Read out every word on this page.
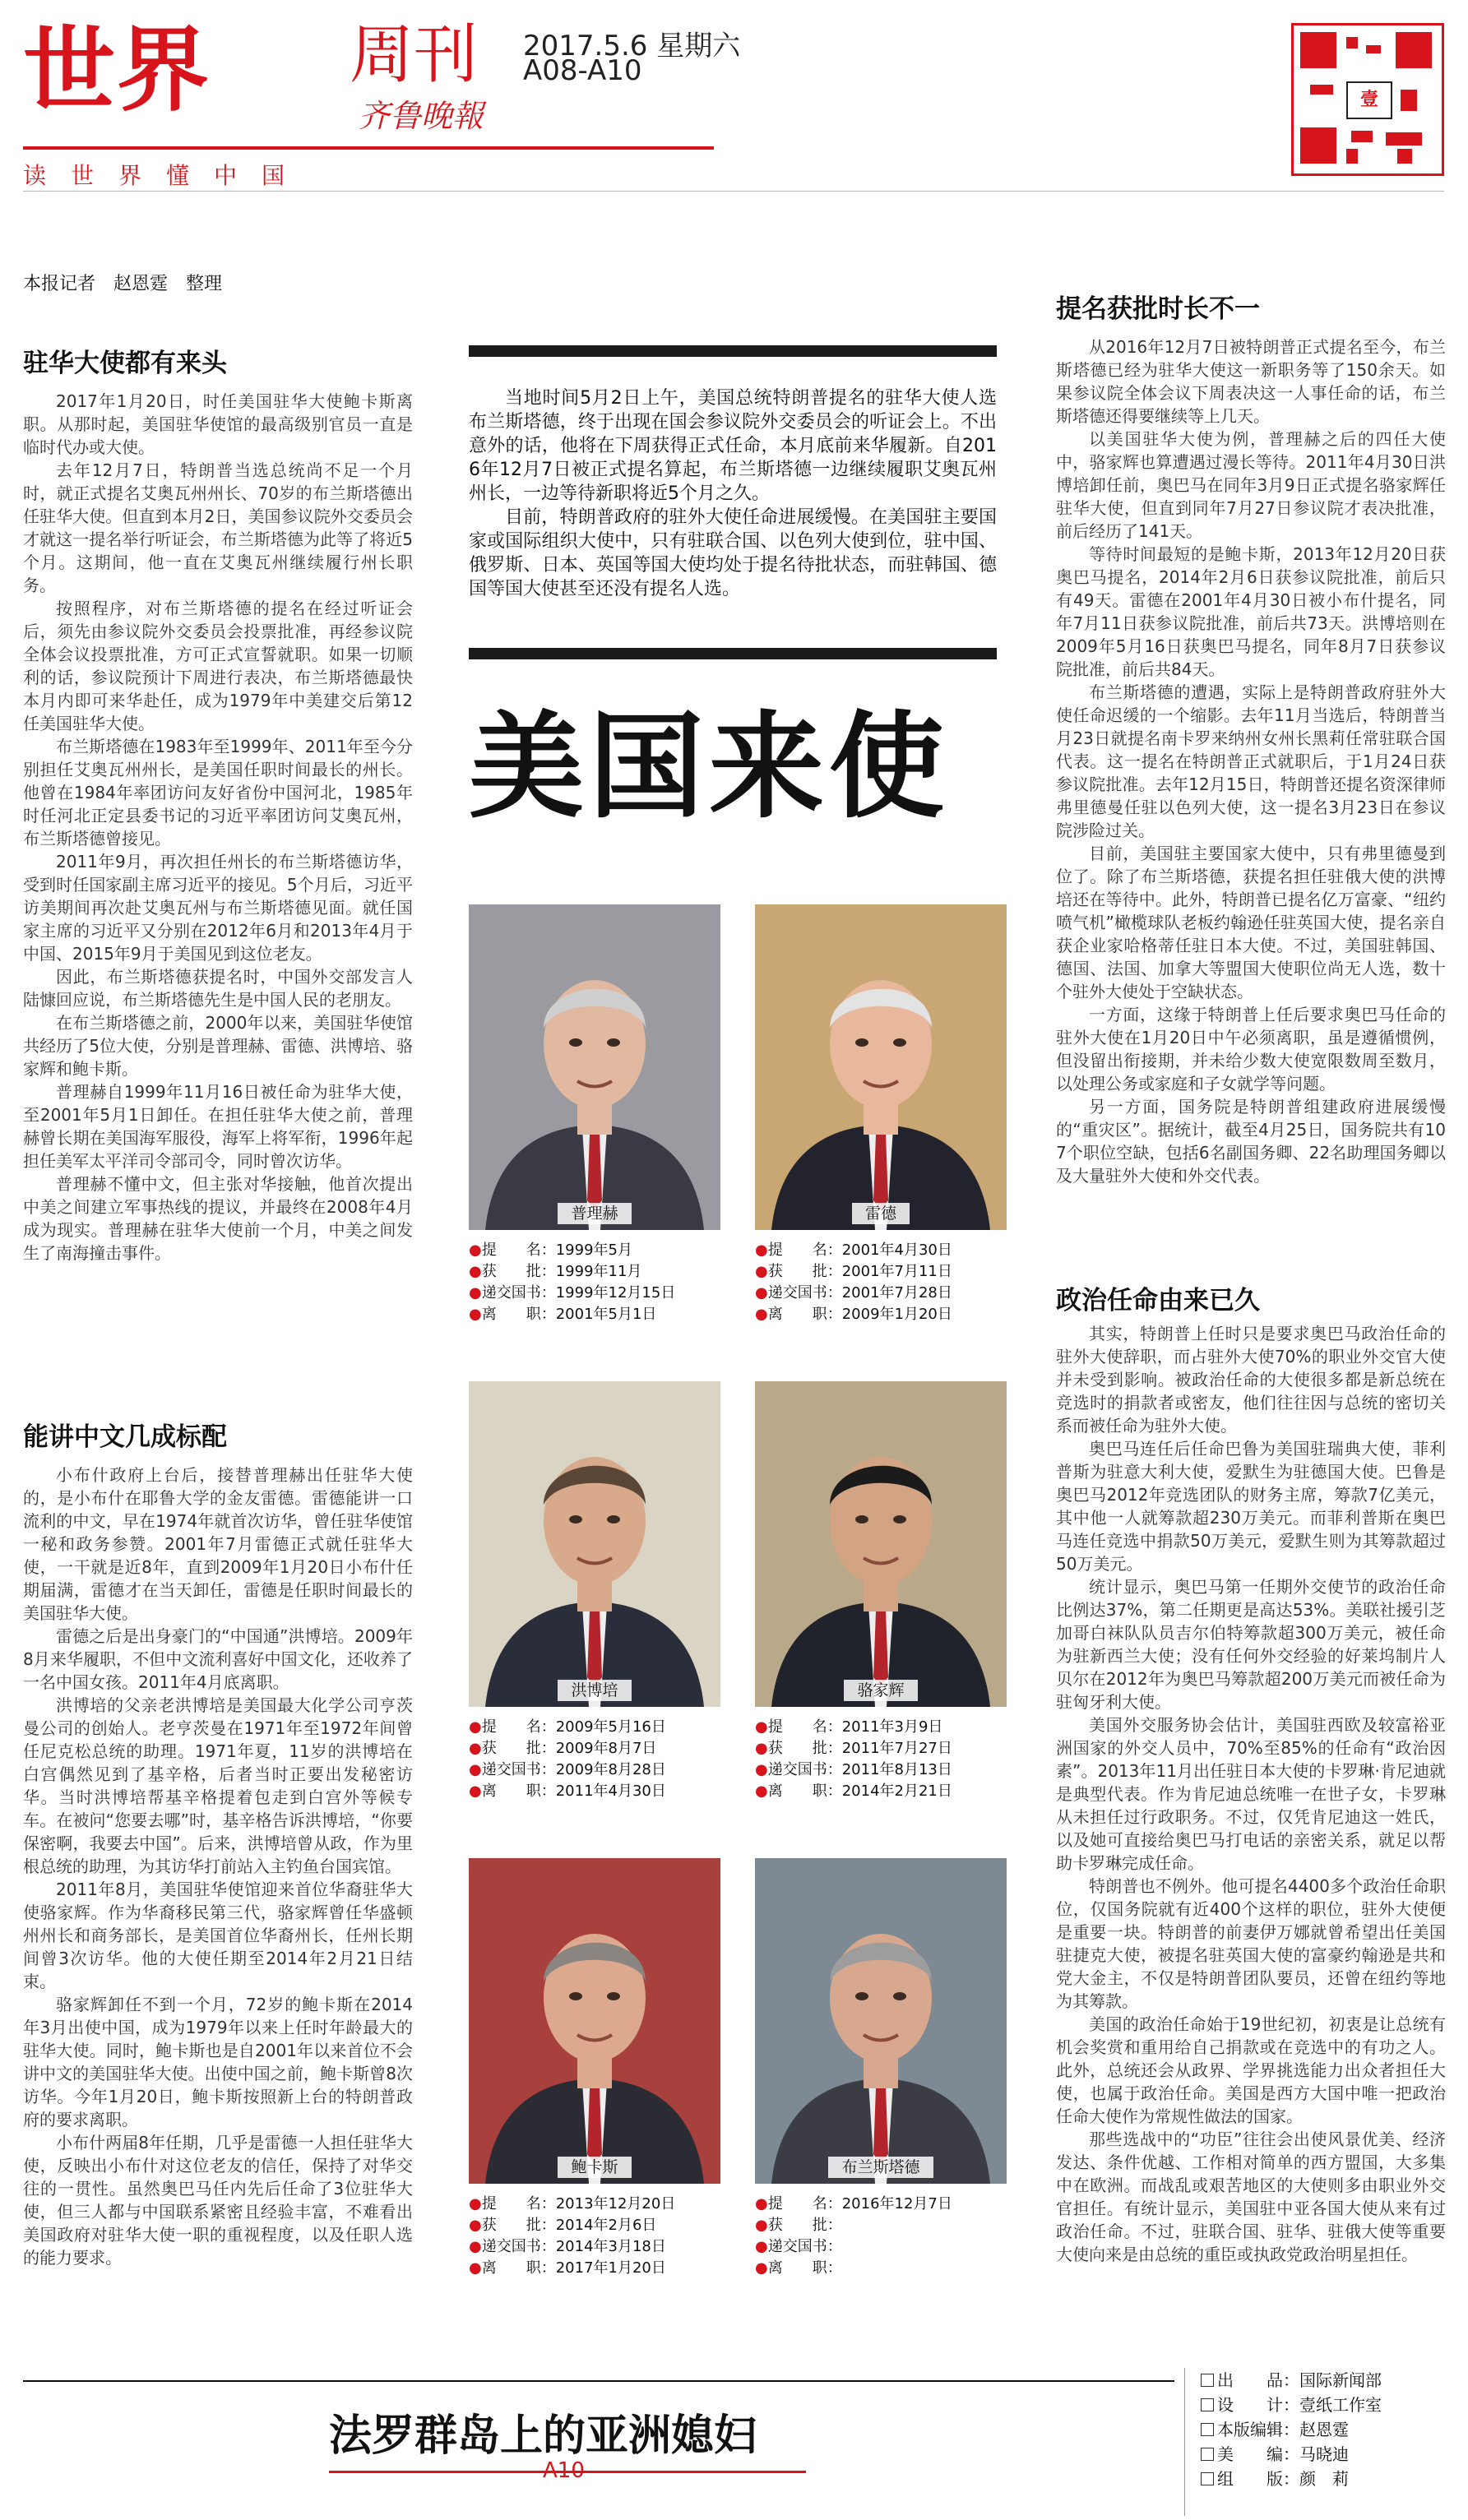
世界 周刊
齐鲁晚報
2017.5.6 星期六
A08-A10
读世界懂中国
壹
本报记者　赵恩霆　整理
驻华大使都有来头

2017年1月20日，时任美国驻华大使鲍卡斯离职。从那时起，美国驻华使馆的最高级别官员一直是临时代办或大使。

去年12月7日，特朗普当选总统尚不足一个月时，就正式提名艾奥瓦州州长、70岁的布兰斯塔德出任驻华大使。但直到本月2日，美国参议院外交委员会才就这一提名举行听证会，布兰斯塔德为此等了将近5个月。这期间，他一直在艾奥瓦州继续履行州长职务。

按照程序，对布兰斯塔德的提名在经过听证会后，须先由参议院外交委员会投票批准，再经参议院全体会议投票批准，方可正式宣誓就职。如果一切顺利的话，参议院预计下周进行表决，布兰斯塔德最快本月内即可来华赴任，成为1979年中美建交后第12任美国驻华大使。

布兰斯塔德在1983年至1999年、2011年至今分别担任艾奥瓦州州长，是美国任职时间最长的州长。他曾在1984年率团访问友好省份中国河北，1985年时任河北正定县委书记的习近平率团访问艾奥瓦州，布兰斯塔德曾接见。

2011年9月，再次担任州长的布兰斯塔德访华，受到时任国家副主席习近平的接见。5个月后，习近平访美期间再次赴艾奥瓦州与布兰斯塔德见面。就任国家主席的习近平又分别在2012年6月和2013年4月于中国、2015年9月于美国见到这位老友。

因此，布兰斯塔德获提名时，中国外交部发言人陆慷回应说，布兰斯塔德先生是中国人民的老朋友。

在布兰斯塔德之前，2000年以来，美国驻华使馆共经历了5位大使，分别是普理赫、雷德、洪博培、骆家辉和鲍卡斯。

普理赫自1999年11月16日被任命为驻华大使，至2001年5月1日卸任。在担任驻华大使之前，普理赫曾长期在美国海军服役，海军上将军衔，1996年起担任美军太平洋司令部司令，同时曾次访华。

普理赫不懂中文，但主张对华接触，他首次提出中美之间建立军事热线的提议，并最终在2008年4月成为现实。普理赫在驻华大使前一个月，中美之间发生了南海撞击事件。

能讲中文几成标配

小布什政府上台后，接替普理赫出任驻华大使的，是小布什在耶鲁大学的金友雷德。雷德能讲一口流利的中文，早在1974年就首次访华，曾任驻华使馆一秘和政务参赞。2001年7月雷德正式就任驻华大使，一干就是近8年，直到2009年1月20日小布什任期届满，雷德才在当天卸任，雷德是任职时间最长的美国驻华大使。

雷德之后是出身豪门的“中国通”洪博培。2009年8月来华履职，不但中文流利喜好中国文化，还收养了一名中国女孩。2011年4月底离职。

洪博培的父亲老洪博培是美国最大化学公司亨茨曼公司的创始人。老亨茨曼在1971年至1972年间曾任尼克松总统的助理。1971年夏，11岁的洪博培在白宫偶然见到了基辛格，后者当时正要出发秘密访华。当时洪博培帮基辛格提着包走到白宫外等候专车。在被问“您要去哪”时，基辛格告诉洪博培，“你要保密啊，我要去中国”。后来，洪博培曾从政，作为里根总统的助理，为其访华打前站入主钓鱼台国宾馆。

2011年8月，美国驻华使馆迎来首位华裔驻华大使骆家辉。作为华裔移民第三代，骆家辉曾任华盛顿州州长和商务部长，是美国首位华裔州长，任州长期间曾3次访华。他的大使任期至2014年2月21日结束。

骆家辉卸任不到一个月，72岁的鲍卡斯在2014年3月出使中国，成为1979年以来上任时年龄最大的驻华大使。同时，鲍卡斯也是自2001年以来首位不会讲中文的美国驻华大使。出使中国之前，鲍卡斯曾8次访华。今年1月20日，鲍卡斯按照新上台的特朗普政府的要求离职。

小布什两届8年任期，几乎是雷德一人担任驻华大使，反映出小布什对这位老友的信任，保持了对华交往的一贯性。虽然奥巴马任内先后任命了3位驻华大使，但三人都与中国联系紧密且经验丰富，不难看出美国政府对驻华大使一职的重视程度，以及任职人选的能力要求。

当地时间5月2日上午，美国总统特朗普提名的驻华大使人选布兰斯塔德，终于出现在国会参议院外交委员会的听证会上。不出意外的话，他将在下周获得正式任命，本月底前来华履新。自2016年12月7日被正式提名算起，布兰斯塔德一边继续履职艾奥瓦州州长，一边等待新职将近5个月之久。

目前，特朗普政府的驻外大使任命进展缓慢。在美国驻主要国家或国际组织大使中，只有驻联合国、以色列大使到位，驻中国、俄罗斯、日本、英国等国大使均处于提名待批状态，而驻韩国、德国等国大使甚至还没有提名人选。

美国来使
普理赫
●提　　名：1999年5月
●获　　批：1999年11月
●递交国书：1999年12月15日
●离　　职：2001年5月1日
雷德
●提　　名：2001年4月30日
●获　　批：2001年7月11日
●递交国书：2001年7月28日
●离　　职：2009年1月20日
洪博培
●提　　名：2009年5月16日
●获　　批：2009年8月7日
●递交国书：2009年8月28日
●离　　职：2011年4月30日
骆家辉
●提　　名：2011年3月9日
●获　　批：2011年7月27日
●递交国书：2011年8月13日
●离　　职：2014年2月21日
鲍卡斯
●提　　名：2013年12月20日
●获　　批：2014年2月6日
●递交国书：2014年3月18日
●离　　职：2017年1月20日
布兰斯塔德
●提　　名：2016年12月7日
●获　　批：
●递交国书：
●离　　职：
提名获批时长不一

从2016年12月7日被特朗普正式提名至今，布兰斯塔德已经为驻华大使这一新职务等了150余天。如果参议院全体会议下周表决这一人事任命的话，布兰斯塔德还得要继续等上几天。

以美国驻华大使为例，普理赫之后的四任大使中，骆家辉也算遭遇过漫长等待。2011年4月30日洪博培卸任前，奥巴马在同年3月9日正式提名骆家辉任驻华大使，但直到同年7月27日参议院才表决批准，前后经历了141天。

等待时间最短的是鲍卡斯，2013年12月20日获奥巴马提名，2014年2月6日获参议院批准，前后只有49天。雷德在2001年4月30日被小布什提名，同年7月11日获参议院批准，前后共73天。洪博培则在2009年5月16日获奥巴马提名，同年8月7日获参议院批准，前后共84天。

布兰斯塔德的遭遇，实际上是特朗普政府驻外大使任命迟缓的一个缩影。去年11月当选后，特朗普当月23日就提名南卡罗来纳州女州长黑莉任常驻联合国代表。这一提名在特朗普正式就职后，于1月24日获参议院批准。去年12月15日，特朗普还提名资深律师弗里德曼任驻以色列大使，这一提名3月23日在参议院涉险过关。

目前，美国驻主要国家大使中，只有弗里德曼到位了。除了布兰斯塔德，获提名担任驻俄大使的洪博培还在等待中。此外，特朗普已提名亿万富豪、“纽约喷气机”橄榄球队老板约翰逊任驻英国大使，提名亲自获企业家哈格蒂任驻日本大使。不过，美国驻韩国、德国、法国、加拿大等盟国大使职位尚无人选，数十个驻外大使处于空缺状态。

一方面，这缘于特朗普上任后要求奥巴马任命的驻外大使在1月20日中午必须离职，虽是遵循惯例，但没留出衔接期，并未给少数大使宽限数周至数月，以处理公务或家庭和子女就学等问题。

另一方面，国务院是特朗普组建政府进展缓慢的“重灾区”。据统计，截至4月25日，国务院共有107个职位空缺，包括6名副国务卿、22名助理国务卿以及大量驻外大使和外交代表。

政治任命由来已久

其实，特朗普上任时只是要求奥巴马政治任命的驻外大使辞职，而占驻外大使70%的职业外交官大使并未受到影响。被政治任命的大使很多都是新总统在竞选时的捐款者或密友，他们往往因与总统的密切关系而被任命为驻外大使。

奥巴马连任后任命巴鲁为美国驻瑞典大使，菲利普斯为驻意大利大使，爱默生为驻德国大使。巴鲁是奥巴马2012年竞选团队的财务主席，筹款7亿美元，其中他一人就筹款超230万美元。而菲利普斯在奥巴马连任竞选中捐款50万美元，爱默生则为其筹款超过50万美元。

统计显示，奥巴马第一任期外交使节的政治任命比例达37%，第二任期更是高达53%。美联社援引芝加哥白袜队队员吉尔伯特筹款超300万美元，被任命为驻新西兰大使；没有任何外交经验的好莱坞制片人贝尔在2012年为奥巴马筹款超200万美元而被任命为驻匈牙利大使。

美国外交服务协会估计，美国驻西欧及较富裕亚洲国家的外交人员中，70%至85%的任命有“政治因素”。2013年11月出任驻日本大使的卡罗琳·肯尼迪就是典型代表。作为肯尼迪总统唯一在世子女，卡罗琳从未担任过行政职务。不过，仅凭肯尼迪这一姓氏，以及她可直接给奥巴马打电话的亲密关系，就足以帮助卡罗琳完成任命。

特朗普也不例外。他可提名4400多个政治任命职位，仅国务院就有近400个这样的职位，驻外大使便是重要一块。特朗普的前妻伊万娜就曾希望出任美国驻捷克大使，被提名驻英国大使的富豪约翰逊是共和党大金主，不仅是特朗普团队要员，还曾在纽约等地为其筹款。

美国的政治任命始于19世纪初，初衷是让总统有机会奖赏和重用给自己捐款或在竞选中的有功之人。此外，总统还会从政界、学界挑选能力出众者担任大使，也属于政治任命。美国是西方大国中唯一把政治任命大使作为常规性做法的国家。

那些选战中的“功臣”往往会出使风景优美、经济发达、条件优越、工作相对简单的西方盟国，大多集中在欧洲。而战乱或艰苦地区的大使则多由职业外交官担任。有统计显示，美国驻中亚各国大使从来有过政治任命。不过，驻联合国、驻华、驻俄大使等重要大使向来是由总统的重臣或执政党政治明星担任。

法罗群岛上的亚洲媳妇
A10
出　　品：国际新闻部
设　　计：壹纸工作室
本版编辑：赵恩霆
美　　编：马晓迪
组　　版：颜　莉
